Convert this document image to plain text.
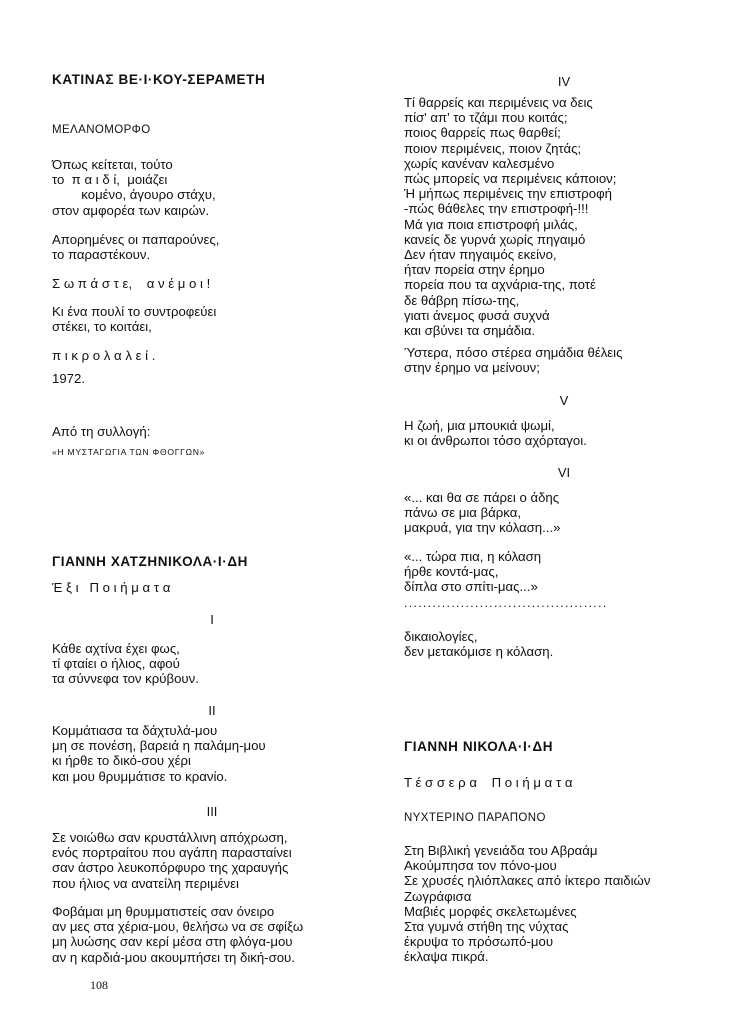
ΚΑΤΙΝΑΣ ΒΕ·Ι·ΚΟΥ-ΣΕΡΑΜΕΤΗ
ΜΕΛΑΝΟΜΟΡΦΟ
Όπως κείτεται, τούτο
το  π α ι δ ί,  μοιάζει
κομένο, άγουρο στάχυ,
στον αμφορέα των καιρών.
Απορημένες οι παπαρούνες,
το παραστέκουν.
Σ ω π ά σ τ ε,    α ν έ μ ο ι !
Κι ένα πουλί το συντροφεύει
στέκει, το κοιτάει,
π ι κ ρ ο λ α λ ε ί .
1972.
Από τη συλλογή:
«Η ΜΥΣΤΑΓΩΓΙΑ ΤΩΝ ΦΘΟΓΓΩΝ»
ΓΙΑΝΝΗ ΧΑΤΖΗΝΙΚΟΛΑ·Ι·ΔΗ
Έ ξ ι   Π ο ι ή μ α τ α
I
Κάθε αχτίνα έχει φως,
τί φταίει ο ήλιος, αφού
τα σύννεφα τον κρύβουν.
II
Κομμάτιασα τα δάχτυλά-μου
μη σε πονέση, βαρειά η παλάμη-μου
κι ήρθε το δικό-σου χέρι
και μου θρυμμάτισε το κρανίο.
III
Σε νοιώθω σαν κρυστάλλινη απόχρωση,
ενός πορτραίτου που αγάπη παρασταίνει
σαν άστρο λευκοπόρφυρο της χαραυγής
που ήλιος να ανατείλη περιμένει
Φοβάμαι μη θρυμματιστείς σαν όνειρο
αν μες στα χέρια-μου, θελήσω να σε σφίξω
μη λυώσης σαν κερί μέσα στη φλόγα-μου
αν η καρδιά-μου ακουμπήσει τη δική-σου.
IV
Τί θαρρείς και περιμένεις να δεις
πίσ' απ' το τζάμι που κοιτάς;
ποιος θαρρείς πως θαρθεί;
ποιον περιμένεις, ποιον ζητάς;
χωρίς κανέναν καλεσμένο
πώς μπορείς να περιμένεις κάποιον;
Ή μήπως περιμένεις την επιστροφή
-πώς θάθελες την επιστροφή-!!!
Μά για ποια επιστροφή μιλάς,
κανείς δε γυρνά χωρίς πηγαιμό
Δεν ήταν πηγαιμός εκείνο,
ήταν πορεία στην έρημο
πορεία που τα αχνάρια-της, ποτέ
δε θάβρη πίσω-της,
γιατι άνεμος φυσά συχνά
και σβύνει τα σημάδια.
Ύστερα, πόσο στέρεα σημάδια θέλεις
στην έρημο να μείνουν;
V
Η ζωή, μια μπουκιά ψωμί,
κι οι άνθρωποι τόσο αχόρταγοι.
VI
«... και θα σε πάρει ο άδης
πάνω σε μια βάρκα,
μακρυά, για την κόλαση...»
«... τώρα πια, η κόλαση
ήρθε κοντά-μας,
δίπλα στο σπίτι-μας...»
...........................................
δικαιολογίες,
δεν μετακόμισε η κόλαση.
ΓΙΑΝΝΗ ΝΙΚΟΛΑ·Ι·ΔΗ
Τ έ σ σ ε ρ α    Π ο ι ή μ α τ α
ΝΥΧΤΕΡΙΝΟ ΠΑΡΑΠΟΝΟ
Στη Βιβλική γενειάδα του Αβραάμ
Ακούμπησα τον πόνο-μου
Σε χρυσές ηλιόπλακες από ίκτερο παιδιών
Ζωγράφισα
Μαβιές μορφές σκελετωμένες
Στα γυμνά στήθη της νύχτας
έκρυψα το πρόσωπό-μου
έκλαψα πικρά.
108
